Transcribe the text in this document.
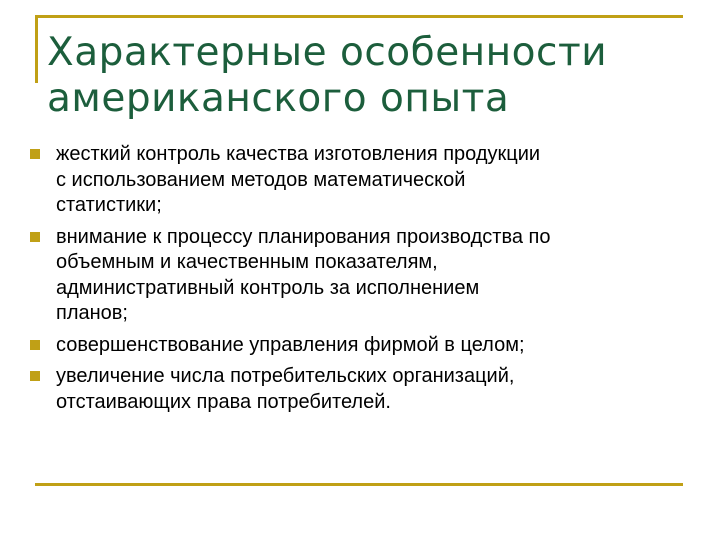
Характерные особенности
американского опыта
жесткий контроль качества изготовления продукции
с использованием методов математической
статистики;
внимание к процессу планирования производства по
объемным и качественным показателям,
административный контроль за исполнением
планов;
совершенствование управления фирмой в целом;
увеличение числа потребительских организаций,
отстаивающих права потребителей.
